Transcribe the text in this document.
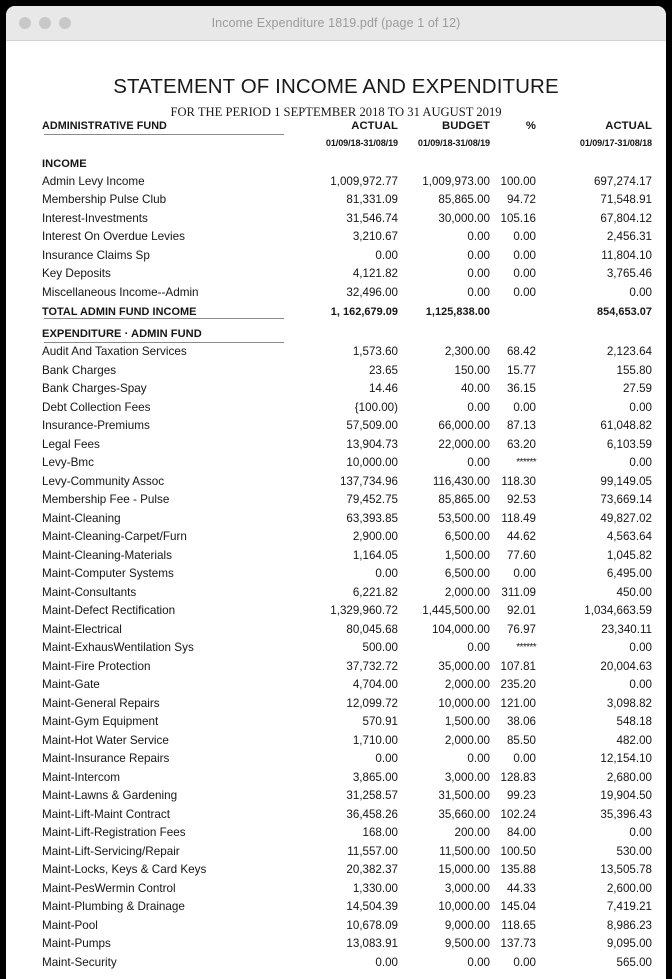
Income Expenditure 1819.pdf (page 1 of 12)
STATEMENT OF INCOME AND EXPENDITURE
FOR THE PERIOD 1 SEPTEMBER 2018 TO 31 AUGUST 2019
ADMINISTRATIVE FUND	ACTUAL	BUDGET	%	ACTUAL

	01/09/18-31/08/19	01/09/18-31/08/19		01/09/17-31/08/18
INCOME				
Admin Levy Income	1,009,972.77	1,009,973.00	100.00	697,274.17
Membership Pulse Club	81,331.09	85,865.00	94.72	71,548.91
Interest-Investments	31,546.74	30,000.00	105.16	67,804.12
Interest On Overdue Levies	3,210.67	0.00	0.00	2,456.31
Insurance Claims Sp	0.00	0.00	0.00	11,804.10
Key Deposits	4,121.82	0.00	0.00	3,765.46
Miscellaneous Income--Admin	32,496.00	0.00	0.00	0.00
TOTAL ADMIN FUND INCOME	1, 162,679.09	1,125,838.00		854,653.07

EXPENDITURE · ADMIN FUND				

Audit And Taxation Services	1,573.60	2,300.00	68.42	2,123.64
Bank Charges	23.65	150.00	15.77	155.80
Bank Charges-Spay	14.46	40.00	36.15	27.59
Debt Collection Fees	{100.00)	0.00	0.00	0.00
Insurance-Premiums	57,509.00	66,000.00	87.13	61,048.82
Legal Fees	13,904.73	22,000.00	63.20	6,103.59
Levy-Bmc	10,000.00	0.00	******	0.00
Levy-Community Assoc	137,734.96	116,430.00	118.30	99,149.05
Membership Fee - Pulse	79,452.75	85,865.00	92.53	73,669.14
Maint-Cleaning	63,393.85	53,500.00	118.49	49,827.02
Maint-Cleaning-Carpet/Furn	2,900.00	6,500.00	44.62	4,563.64
Maint-Cleaning-Materials	1,164.05	1,500.00	77.60	1,045.82
Maint-Computer Systems	0.00	6,500.00	0.00	6,495.00
Maint-Consultants	6,221.82	2,000.00	311.09	450.00
Maint-Defect Rectification	1,329,960.72	1,445,500.00	92.01	1,034,663.59
Maint-Electrical	80,045.68	104,000.00	76.97	23,340.11
Maint-ExhausWentilation Sys	500.00	0.00	******	0.00
Maint-Fire Protection	37,732.72	35,000.00	107.81	20,004.63
Maint-Gate	4,704.00	2,000.00	235.20	0.00
Maint-General Repairs	12,099.72	10,000.00	121.00	3,098.82
Maint-Gym Equipment	570.91	1,500.00	38.06	548.18
Maint-Hot Water Service	1,710.00	2,000.00	85.50	482.00
Maint-Insurance Repairs	0.00	0.00	0.00	12,154.10
Maint-Intercom	3,865.00	3,000.00	128.83	2,680.00
Maint-Lawns & Gardening	31,258.57	31,500.00	99.23	19,904.50
Maint-Lift-Maint Contract	36,458.26	35,660.00	102.24	35,396.43
Maint-Lift-Registration Fees	168.00	200.00	84.00	0.00
Maint-Lift-Servicing/Repair	11,557.00	11,500.00	100.50	530.00
Maint-Locks, Keys & Card Keys	20,382.37	15,000.00	135.88	13,505.78
Maint-PesWermin Control	1,330.00	3,000.00	44.33	2,600.00
Maint-Plumbing & Drainage	14,504.39	10,000.00	145.04	7,419.21
Maint-Pool	10,678.09	9,000.00	118.65	8,986.23
Maint-Pumps	13,083.91	9,500.00	137.73	9,095.00
Maint-Security	0.00	0.00	0.00	565.00
